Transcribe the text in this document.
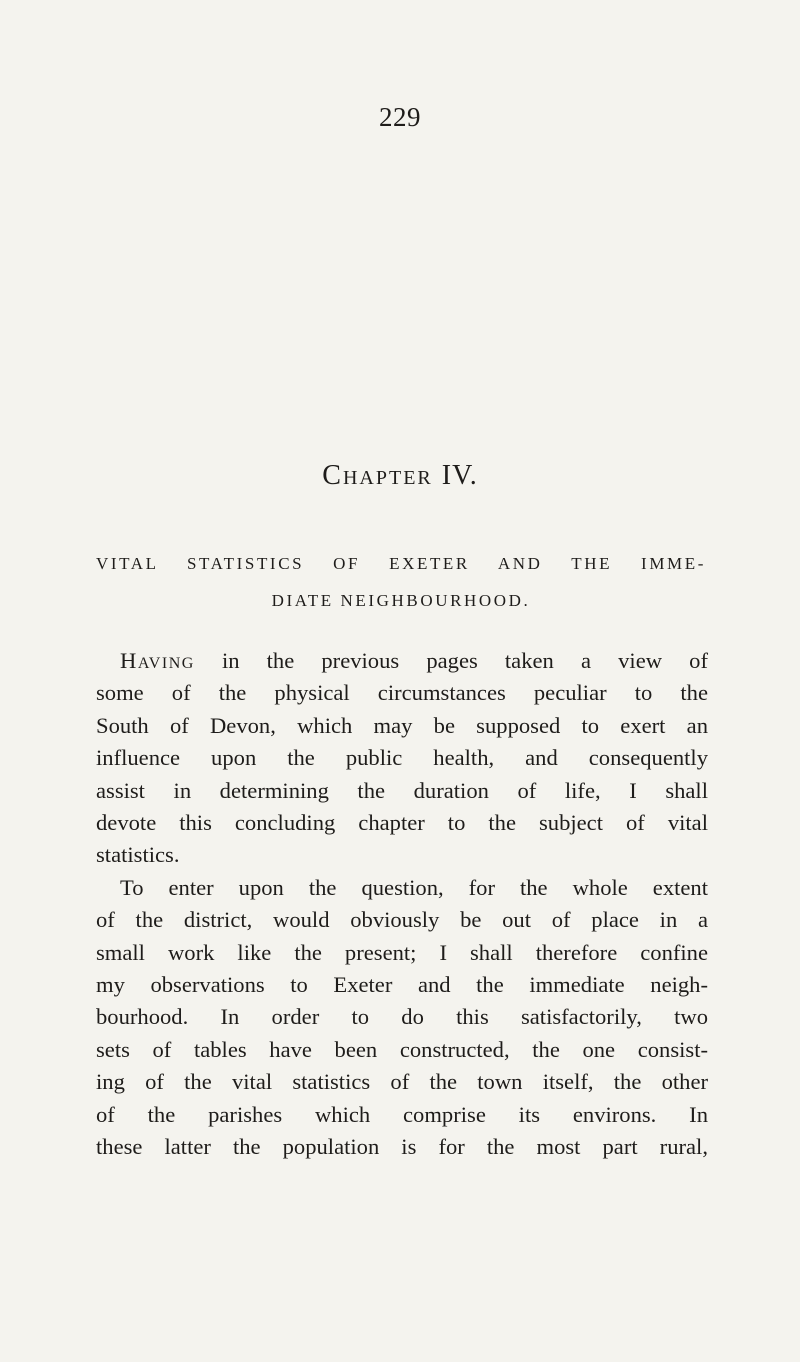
229
Chapter IV.
VITAL STATISTICS OF EXETER AND THE IMME-
DIATE NEIGHBOURHOOD.
Having in the previous pages taken a view of
some of the physical circumstances peculiar to the
South of Devon, which may be supposed to exert an
influence upon the public health, and consequently
assist in determining the duration of life, I shall
devote this concluding chapter to the subject of vital
statistics.
To enter upon the question, for the whole extent
of the district, would obviously be out of place in a
small work like the present; I shall therefore confine
my observations to Exeter and the immediate neigh-
bourhood. In order to do this satisfactorily, two
sets of tables have been constructed, the one consist-
ing of the vital statistics of the town itself, the other
of the parishes which comprise its environs. In
these latter the population is for the most part rural,
